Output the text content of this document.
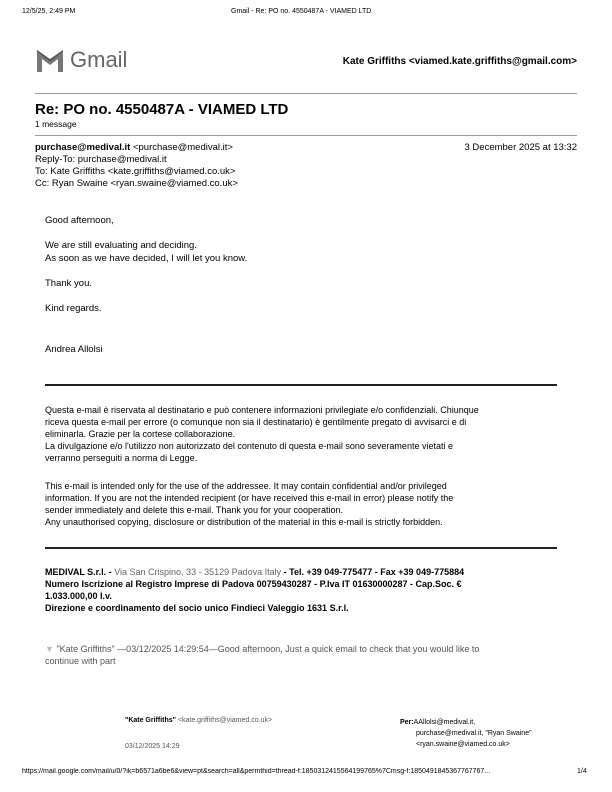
12/5/25, 2:49 PM	Gmail - Re: PO no. 4550487A - VIAMED LTD
Gmail	Kate Griffiths <viamed.kate.griffiths@gmail.com>
Re: PO no. 4550487A - VIAMED LTD
1 message
purchase@medival.it <purchase@medival.it>	3 December 2025 at 13:32
Reply-To: purchase@medival.it
To: Kate Griffiths <kate.griffiths@viamed.co.uk>
Cc: Ryan Swaine <ryan.swaine@viamed.co.uk>
Good afternoon,
We are still evaluating and deciding.
As soon as we have decided, I will let you know.
Thank you.
Kind regards.
Andrea Allolsi
Questa e-mail è riservata al destinatario e può contenere informazioni privilegiate e/o confidenziali. Chiunque
riceva questa e-mail per errore (o comunque non sia il destinatario) è gentilmente pregato di avvisarci e di
eliminarla. Grazie per la cortese collaborazione.
La divulgazione e/o l'utilizzo non autorizzato del contenuto di questa e-mail sono severamente vietati e
verranno perseguiti a norma di Legge.
This e-mail is intended only for the use of the addressee. It may contain confidential and/or privileged
information. If you are not the intended recipient (or have received this e-mail in error) please notify the
sender immediately and delete this e-mail. Thank you for your cooperation.
Any unauthorised copying, disclosure or distribution of the material in this e-mail is strictly forbidden.
MEDIVAL S.r.l. - Via San Crispino, 33 - 35129 Padova Italy - Tel. +39 049-775477 - Fax +39 049-775884
Numero Iscrizione al Registro Imprese di Padova 00759430287 - P.Iva IT 01630000287 - Cap.Soc. €
1.033.000,00 I.v.
Direzione e coordinamento del socio unico Findieci Valeggio 1631 S.r.l.
▼ "Kate Griffiths" —03/12/2025 14:29:54—Good afternoon, Just a quick email to check that you would like to
continue with part
"Kate Griffiths" <kate.griffiths@viamed.co.uk>
03/12/2025 14:29
Per:AAllolsi@medival.it,
purchase@medival.it, "Ryan Swaine"
<ryan.swaine@viamed.co.uk>
https://mail.google.com/mail/u/0/?ik=b6571a6be6&view=pt&search=all&permthid=thread-f:1850312415564199765%7Cmsg-f:1850491845367767767...	1/4
